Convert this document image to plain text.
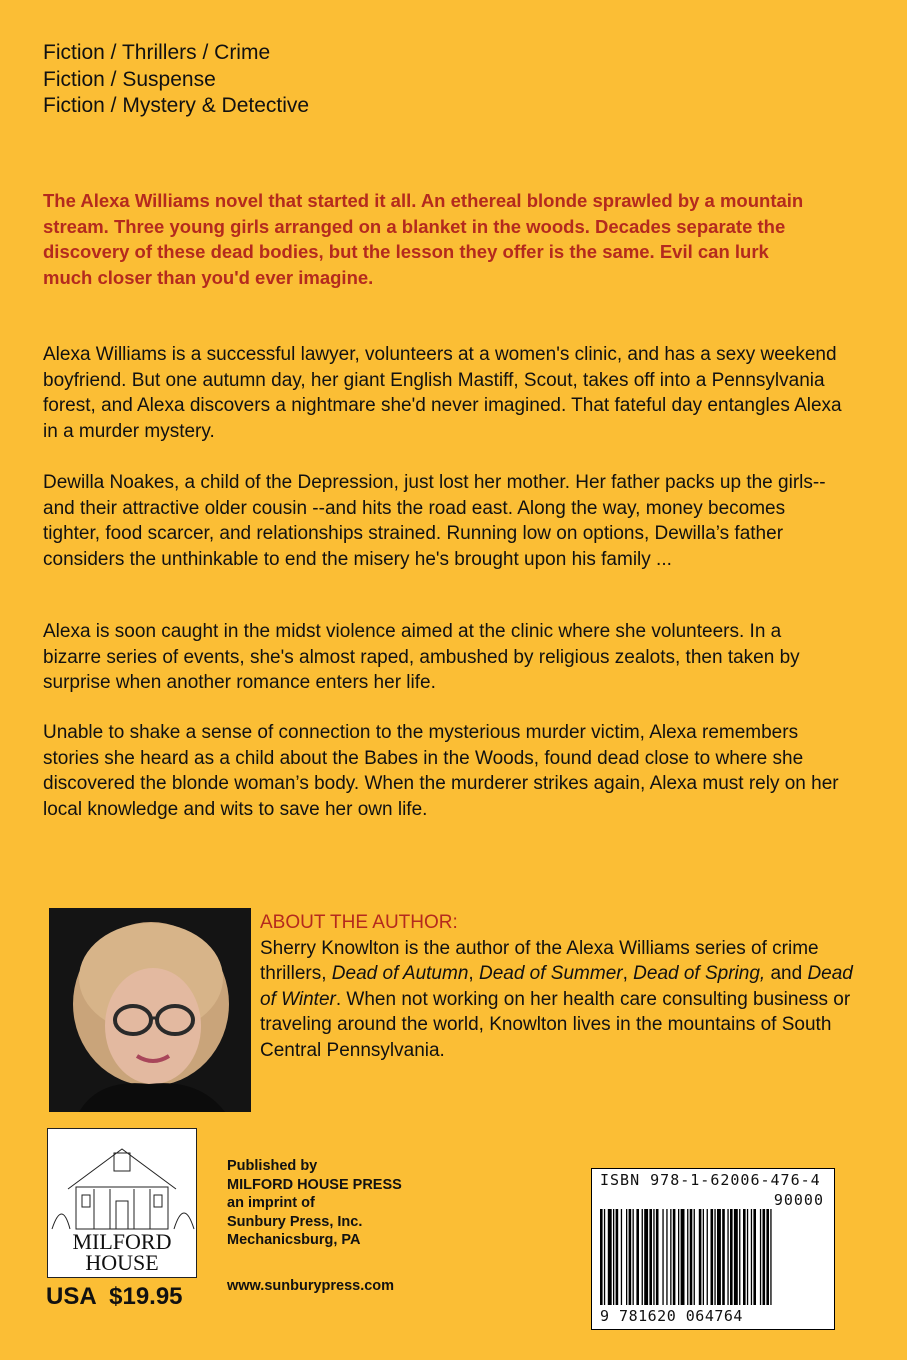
Fiction / Thrillers / Crime
Fiction / Suspense
Fiction / Mystery & Detective
The Alexa Williams novel that started it all. An ethereal blonde sprawled by a mountain stream. Three young girls arranged on a blanket in the woods. Decades separate the discovery of these dead bodies, but the lesson they offer is the same. Evil can lurk much closer than you'd ever imagine.
Alexa Williams is a successful lawyer, volunteers at a women's clinic, and has a sexy weekend boyfriend. But one autumn day, her giant English Mastiff, Scout, takes off into a Pennsylvania forest, and Alexa discovers a nightmare she'd never imagined. That fateful day entangles Alexa in a murder mystery.
Dewilla Noakes, a child of the Depression, just lost her mother. Her father packs up the girls--and their attractive older cousin --and hits the road east. Along the way, money becomes tighter, food scarcer, and relationships strained. Running low on options, Dewilla’s father considers the unthinkable to end the misery he's brought upon his family ...
Alexa is soon caught in the midst violence aimed at the clinic where she volunteers. In a bizarre series of events, she's almost raped, ambushed by religious zealots, then taken by surprise when another romance enters her life.
Unable to shake a sense of connection to the mysterious murder victim, Alexa remembers stories she heard as a child about the Babes in the Woods, found dead close to where she discovered the blonde woman’s body. When the murderer strikes again, Alexa must rely on her local knowledge and wits to save her own life.
ABOUT THE AUTHOR:
Sherry Knowlton is the author of the Alexa Williams series of crime thrillers, Dead of Autumn, Dead of Summer, Dead of Spring, and Dead of Winter. When not working on her health care consulting business or traveling around the world, Knowlton lives in the mountains of South Central Pennsylvania.
MILFORD
HOUSE
USA  $19.95
Published by
MILFORD HOUSE PRESS
an imprint of
Sunbury Press, Inc.
Mechanicsburg, PA
www.sunburypress.com
ISBN 978-1-62006-476-4
90000
9 781620 064764
